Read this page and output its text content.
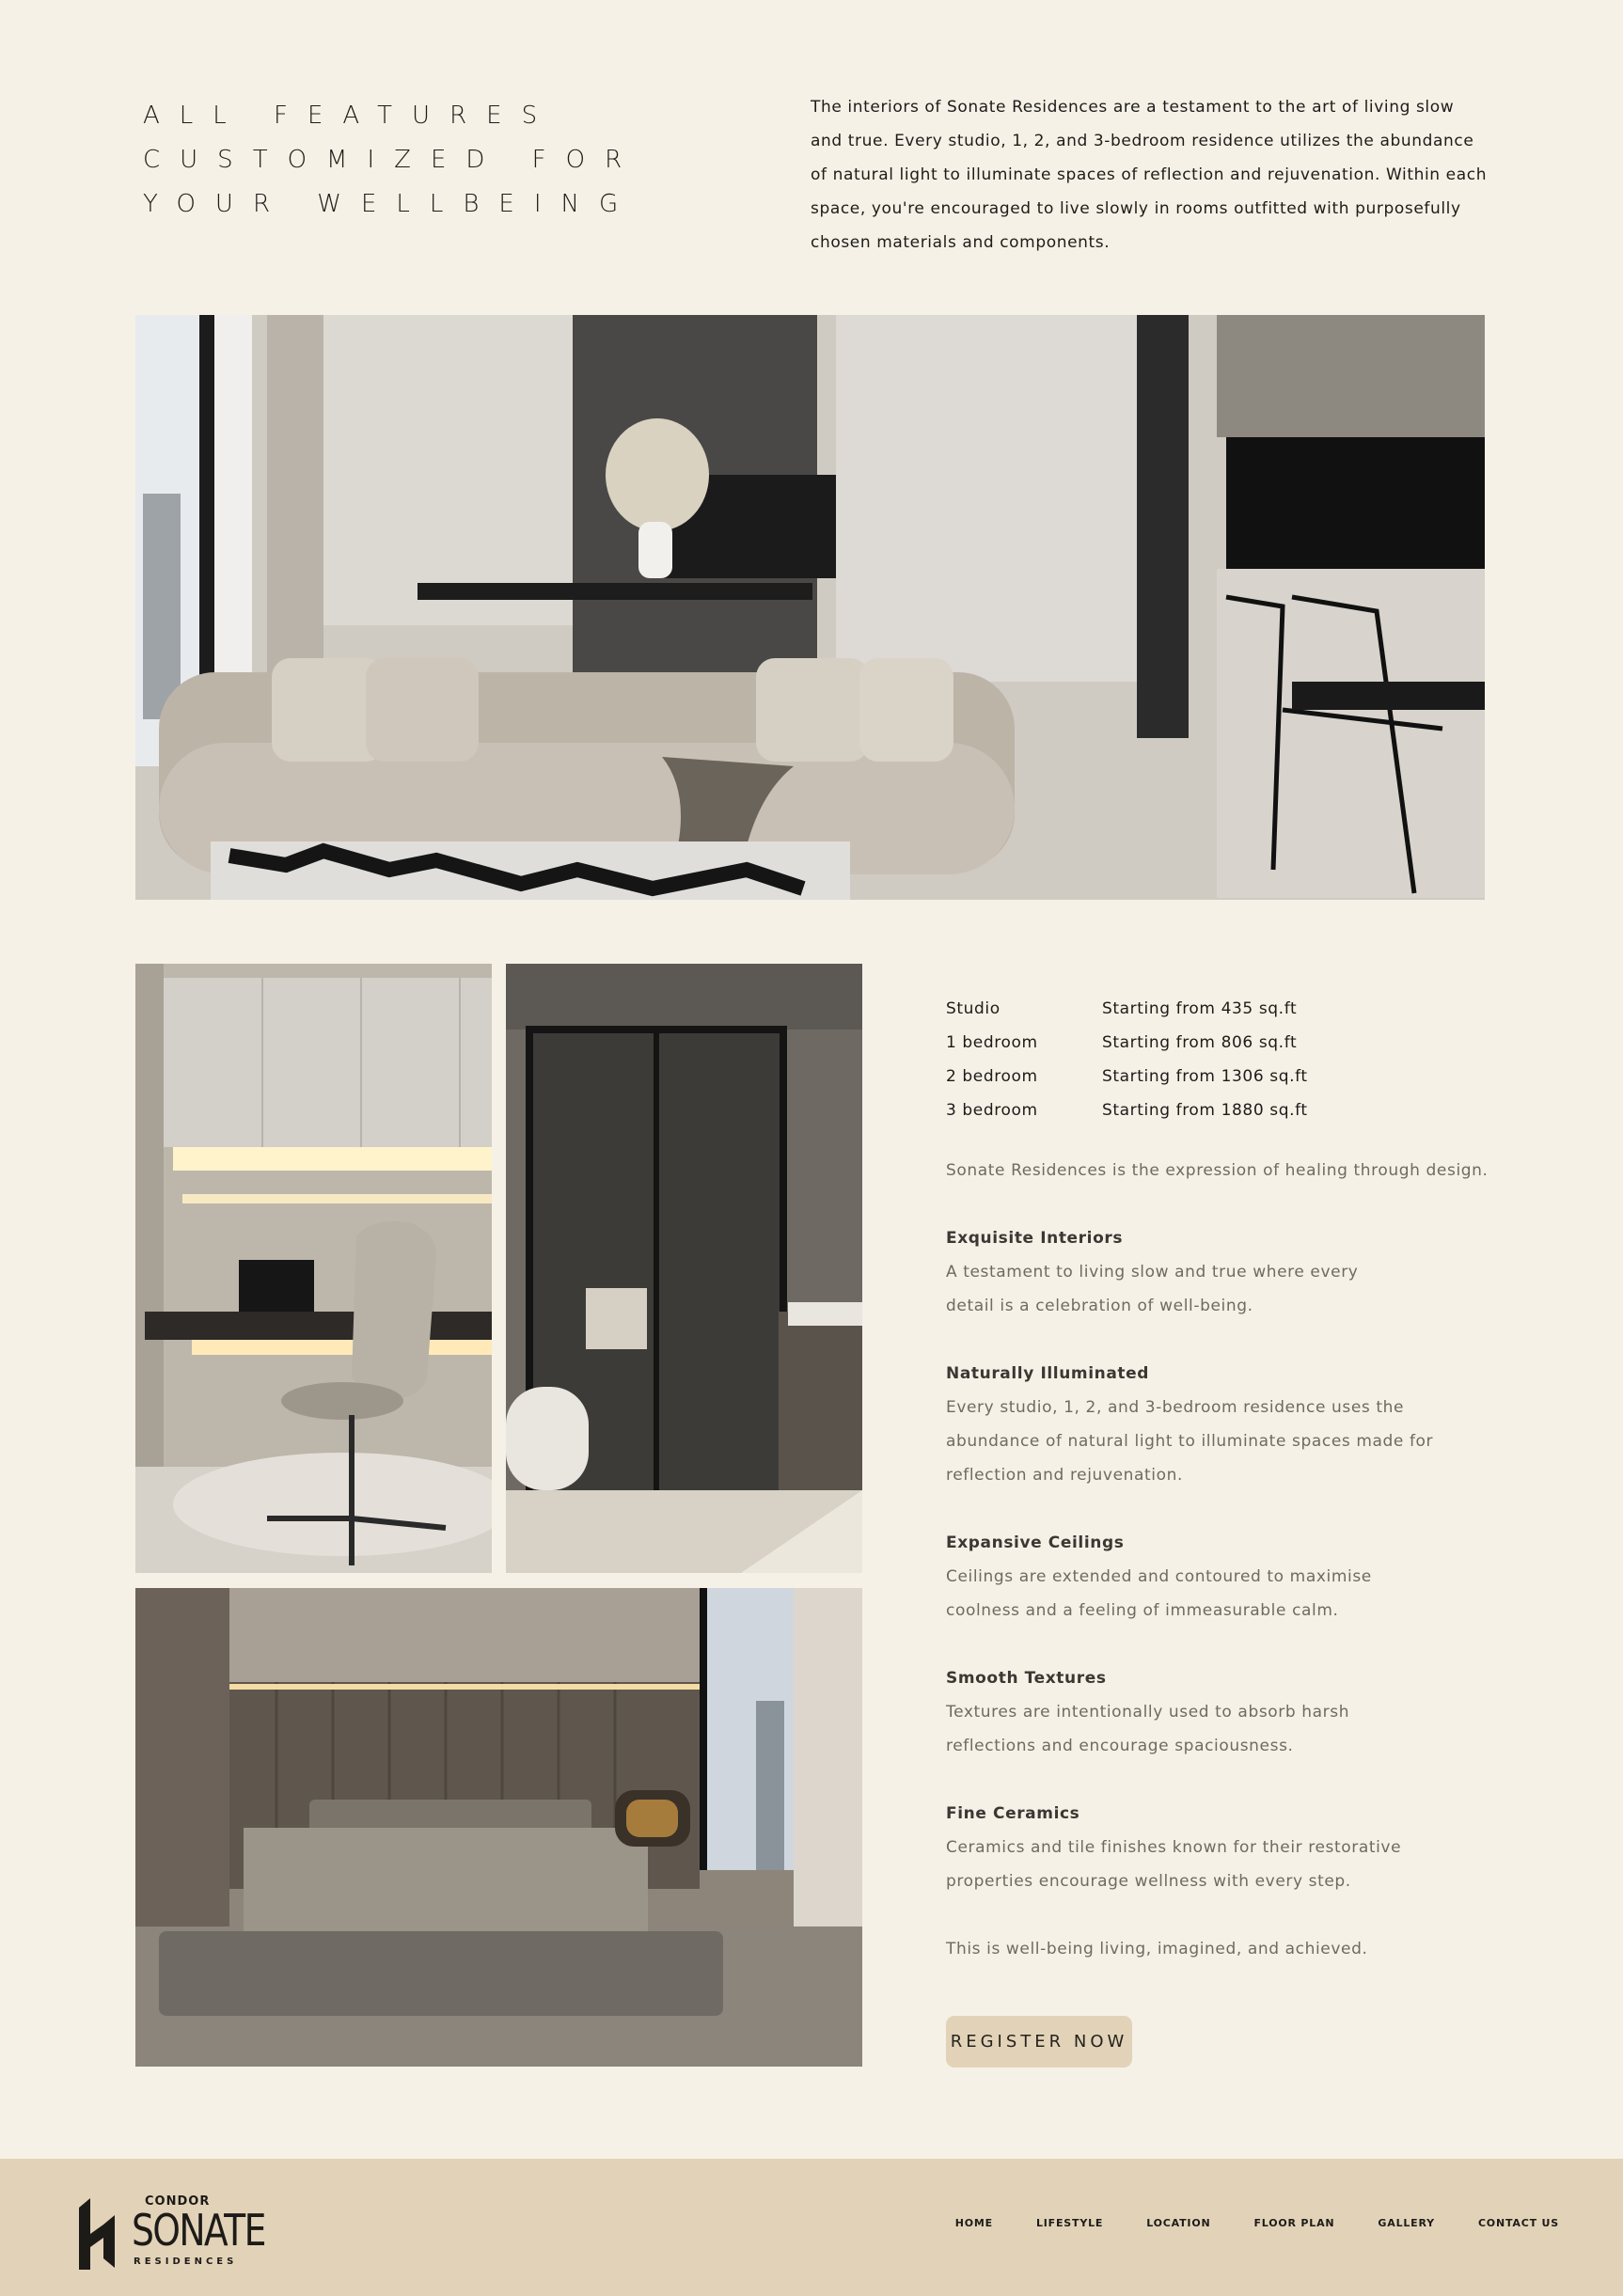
ALL FEATURES
CUSTOMIZED FOR
YOUR WELLBEING

The interiors of Sonate Residences are a testament to the art of living slow and true. Every studio, 1, 2, and 3-bedroom residence utilizes the abundance of natural light to illuminate spaces of reflection and rejuvenation. Within each space, you're encouraged to live slowly in rooms outfitted with purposefully chosen materials and components.

Studio	Starting from 435 sq.ft
1 bedroom	Starting from 806 sq.ft
2 bedroom	Starting from 1306 sq.ft
3 bedroom	Starting from 1880 sq.ft

Sonate Residences is the expression of healing through design.

Exquisite Interiors

A testament to living slow and true where every detail is a celebration of well-being.

Naturally Illuminated

Every studio, 1, 2, and 3-bedroom residence uses the abundance of natural light to illuminate spaces made for reflection and rejuvenation.

Expansive Ceilings

Ceilings are extended and contoured to maximise coolness and a feeling of immeasurable calm.

Smooth Textures

Textures are intentionally used to absorb harsh reflections and encourage spaciousness.

Fine Ceramics

Ceramics and tile finishes known for their restorative properties encourage wellness with every step.

This is well-being living, imagined, and achieved.

REGISTER NOW
CONDOR
SONATE
RESIDENCES
HOME	LIFESTYLE	LOCATION	FLOOR PLAN	GALLERY	CONTACT US
